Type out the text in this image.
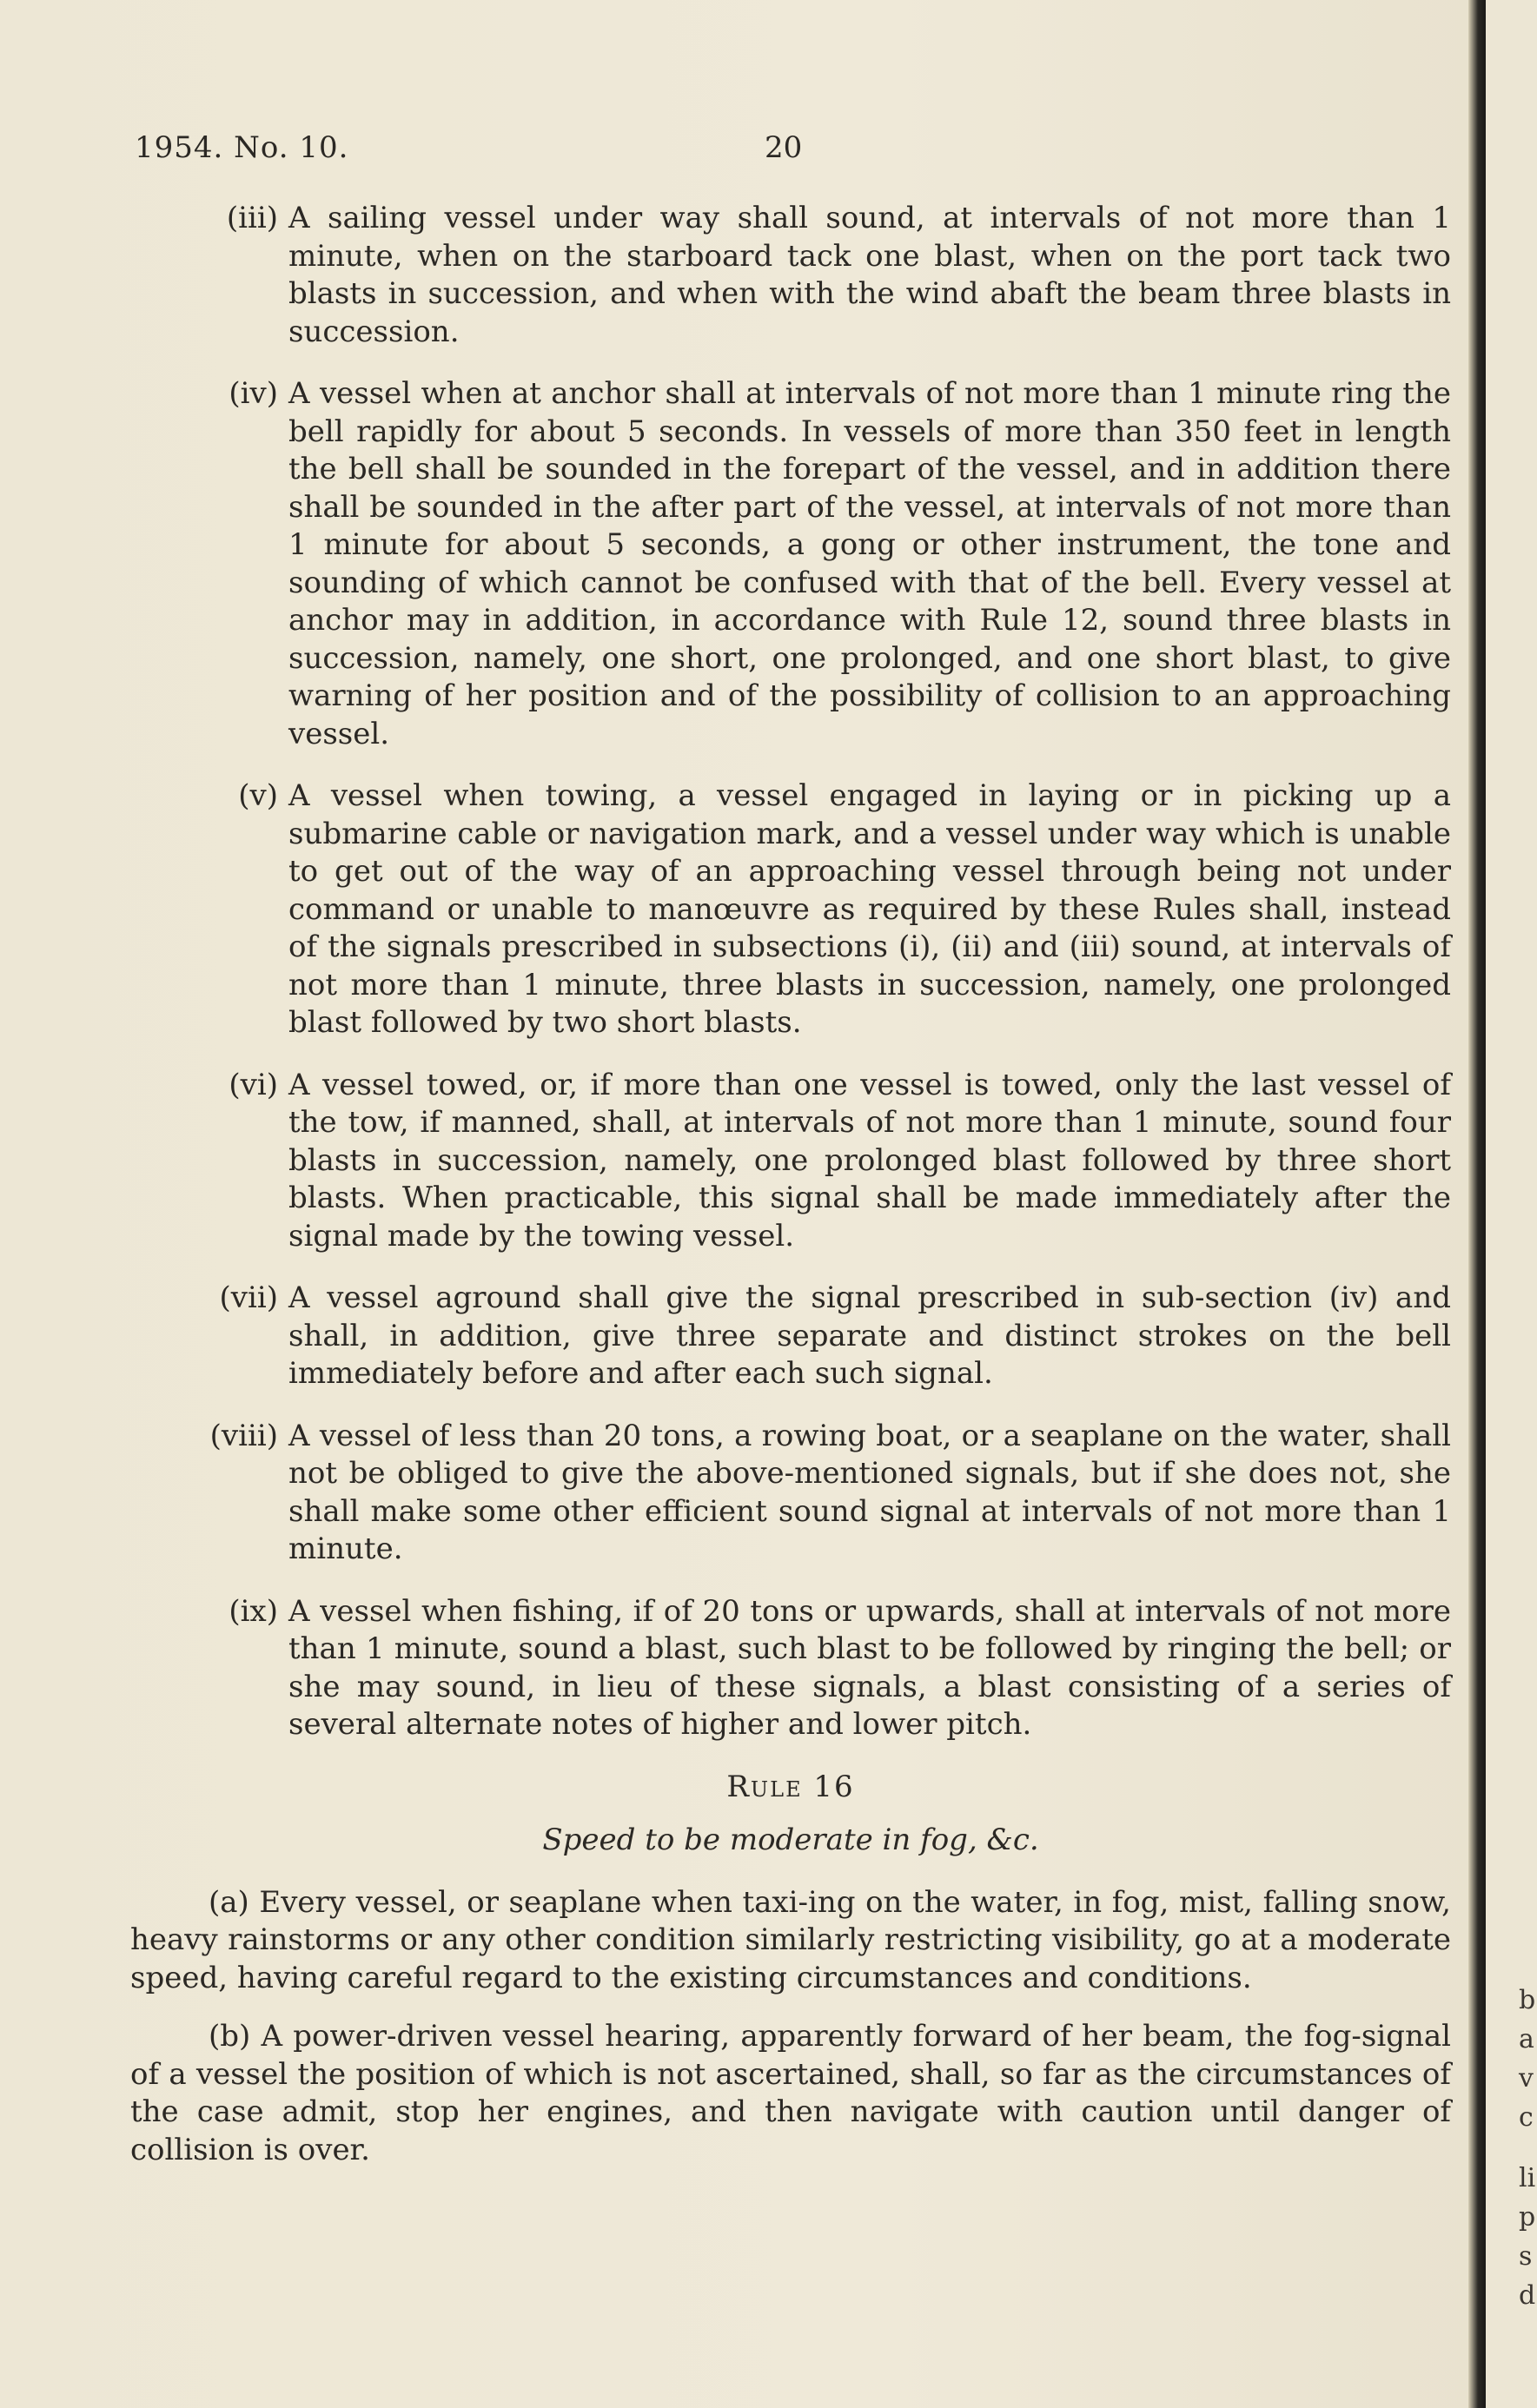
1954. No. 10.	20
(iii) A sailing vessel under way shall sound, at intervals of not more than 1 minute, when on the starboard tack one blast, when on the port tack two blasts in succession, and when with the wind abaft the beam three blasts in succession.
(iv) A vessel when at anchor shall at intervals of not more than 1 minute ring the bell rapidly for about 5 seconds. In vessels of more than 350 feet in length the bell shall be sounded in the forepart of the vessel, and in addition there shall be sounded in the after part of the vessel, at intervals of not more than 1 minute for about 5 seconds, a gong or other instrument, the tone and sounding of which cannot be confused with that of the bell. Every vessel at anchor may in addition, in accordance with Rule 12, sound three blasts in succession, namely, one short, one prolonged, and one short blast, to give warning of her position and of the possibility of collision to an approaching vessel.
(v) A vessel when towing, a vessel engaged in laying or in picking up a submarine cable or navigation mark, and a vessel under way which is unable to get out of the way of an approaching vessel through being not under command or unable to manœuvre as required by these Rules shall, instead of the signals prescribed in subsections (i), (ii) and (iii) sound, at intervals of not more than 1 minute, three blasts in succession, namely, one prolonged blast followed by two short blasts.
(vi) A vessel towed, or, if more than one vessel is towed, only the last vessel of the tow, if manned, shall, at intervals of not more than 1 minute, sound four blasts in succession, namely, one prolonged blast followed by three short blasts. When practicable, this signal shall be made immediately after the signal made by the towing vessel.
(vii) A vessel aground shall give the signal prescribed in sub-section (iv) and shall, in addition, give three separate and distinct strokes on the bell immediately before and after each such signal.
(viii) A vessel of less than 20 tons, a rowing boat, or a seaplane on the water, shall not be obliged to give the above-mentioned signals, but if she does not, she shall make some other efficient sound signal at intervals of not more than 1 minute.
(ix) A vessel when fishing, if of 20 tons or upwards, shall at intervals of not more than 1 minute, sound a blast, such blast to be followed by ringing the bell; or she may sound, in lieu of these signals, a blast consisting of a series of several alternate notes of higher and lower pitch.
Rule 16
Speed to be moderate in fog, &c.
(a) Every vessel, or seaplane when taxi-ing on the water, in fog, mist, falling snow, heavy rainstorms or any other condition similarly restricting visibility, go at a moderate speed, having careful regard to the existing circumstances and conditions.
(b) A power-driven vessel hearing, apparently forward of her beam, the fog-signal of a vessel the position of which is not ascertained, shall, so far as the circumstances of the case admit, stop her engines, and then navigate with caution until danger of collision is over.
b
a
v
c
li
p
s
d
